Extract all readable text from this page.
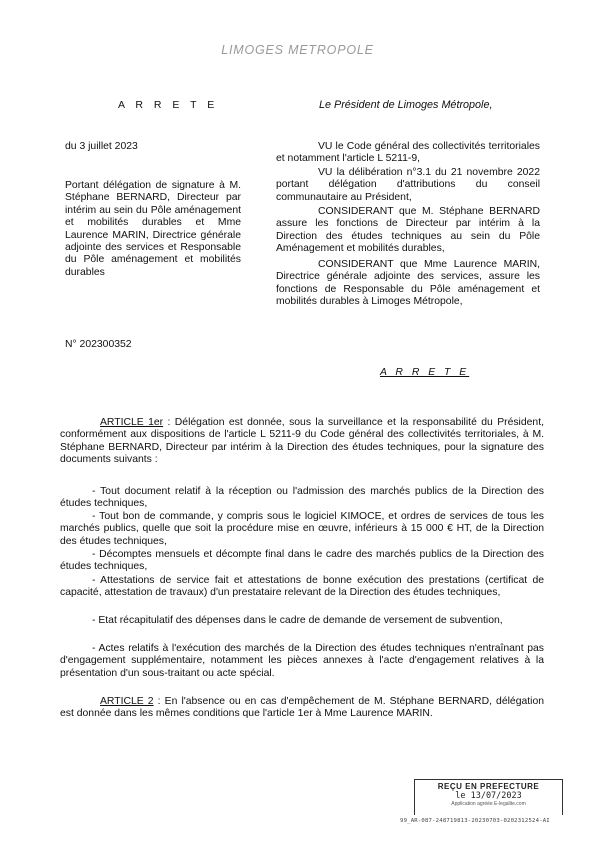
LIMOGES METROPOLE
A R R E T E	Le Président de Limoges Métropole,
du 3 juillet 2023
Portant délégation de signature à M. Stéphane BERNARD, Directeur par intérim au sein du Pôle aménagement et mobilités durables et Mme Laurence MARIN, Directrice générale adjointe des services et Responsable du Pôle aménagement et mobilités durables
N° 202300352

VU le Code général des collectivités territoriales et notamment l'article L 5211-9,

VU la délibération n°3.1 du 21 novembre 2022 portant délégation d'attributions du conseil communautaire au Président,

CONSIDERANT que M. Stéphane BERNARD assure les fonctions de Directeur par intérim à la Direction des études techniques au sein du Pôle Aménagement et mobilités durables,

CONSIDERANT que Mme Laurence MARIN, Directrice générale adjointe des services, assure les fonctions de Responsable du Pôle aménagement et mobilités durables à Limoges Métropole,

A R R E T E

ARTICLE 1er : Délégation est donnée, sous la surveillance et la responsabilité du Président, conformément aux dispositions de l'article L 5211-9 du Code général des collectivités territoriales, à M. Stéphane BERNARD, Directeur par intérim à la Direction des études techniques, pour la signature des documents suivants :

- Tout document relatif à la réception ou l'admission des marchés publics de la Direction des études techniques,

- Tout bon de commande, y compris sous le logiciel KIMOCE, et ordres de services de tous les marchés publics, quelle que soit la procédure mise en œuvre, inférieurs à 15 000 € HT, de la Direction des études techniques,

- Décomptes mensuels et décompte final dans le cadre des marchés publics de la Direction des études techniques,

- Attestations de service fait et attestations de bonne exécution des prestations (certificat de capacité, attestation de travaux) d'un prestataire relevant de la Direction des études techniques,

- Etat récapitulatif des dépenses dans le cadre de demande de versement de subvention,

- Actes relatifs à l'exécution des marchés de la Direction des études techniques n'entraînant pas d'engagement supplémentaire, notamment les pièces annexes à l'acte d'engagement relatives à la présentation d'un sous-traitant ou acte spécial.

ARTICLE 2 : En l'absence ou en cas d'empêchement de M. Stéphane BERNARD, délégation est donnée dans les mêmes conditions que l'article 1er à Mme Laurence MARIN.

REÇU EN PREFECTURE
le 13/07/2023
Application agréée E-legalite.com
99_AR-087-248719813-20230703-0202312524-AI
